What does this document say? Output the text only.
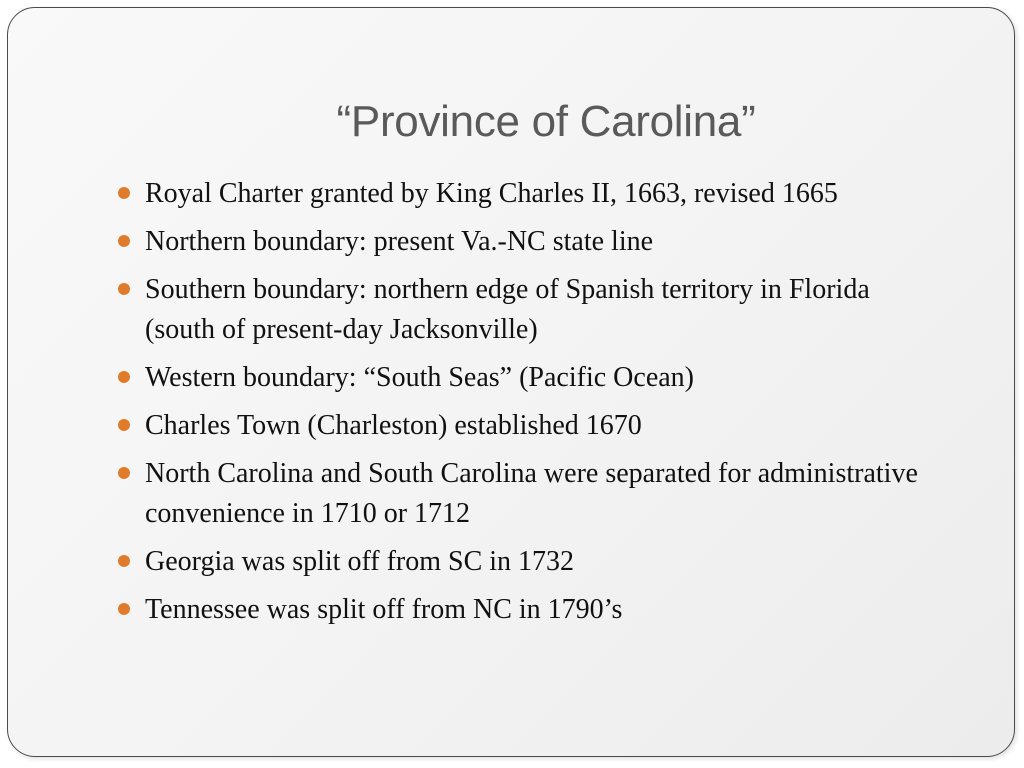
“Province of Carolina”
Royal Charter granted by King Charles II, 1663, revised 1665
Northern boundary: present Va.-NC state line
Southern boundary: northern edge of Spanish territory in Florida (south of present-day Jacksonville)
Western boundary: “South Seas” (Pacific Ocean)
Charles Town (Charleston) established 1670
North Carolina and South Carolina were separated for administrative convenience in 1710 or 1712
Georgia was split off from SC in 1732
Tennessee was split off from NC in 1790’s
